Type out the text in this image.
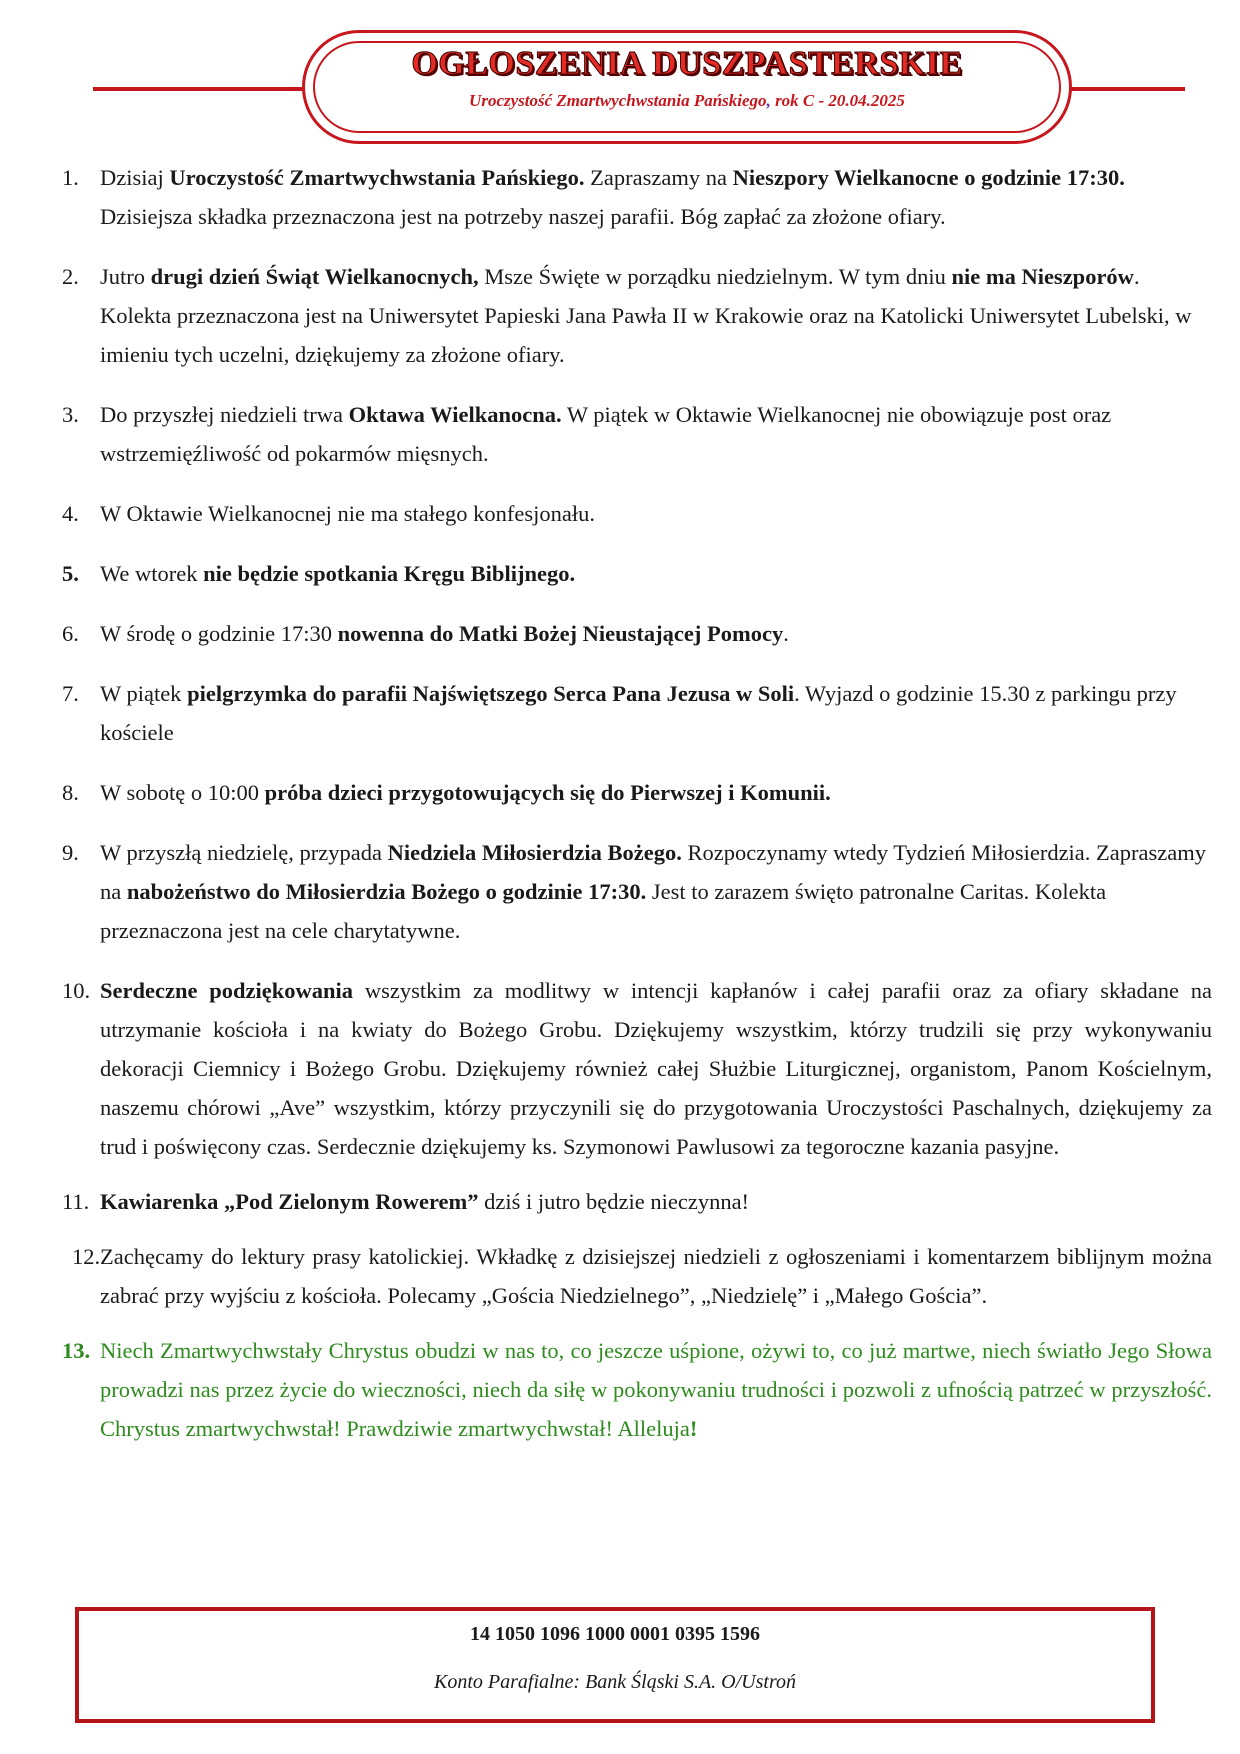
OGŁOSZENIA DUSZPASTERSKIE
Uroczystość Zmartwychwstania Pańskiego, rok C - 20.04.2025
1. Dzisiaj Uroczystość Zmartwychwstania Pańskiego. Zapraszamy na Nieszpory Wielkanocne o godzinie 17:30. Dzisiejsza składka przeznaczona jest na potrzeby naszej parafii. Bóg zapłać za złożone ofiary.
2. Jutro drugi dzień Świąt Wielkanocnych, Msze Święte w porządku niedzielnym. W tym dniu nie ma Nieszporów. Kolekta przeznaczona jest na Uniwersytet Papieski Jana Pawła II w Krakowie oraz na Katolicki Uniwersytet Lubelski, w imieniu tych uczelni, dziękujemy za złożone ofiary.
3. Do przyszłej niedzieli trwa Oktawa Wielkanocna. W piątek w Oktawie Wielkanocnej nie obowiązuje post oraz wstrzemięźliwość od pokarmów mięsnych.
4. W Oktawie Wielkanocnej nie ma stałego konfesjonału.
5. We wtorek nie będzie spotkania Kręgu Biblijnego.
6. W środę o godzinie 17:30 nowenna do Matki Bożej Nieustającej Pomocy.
7. W piątek pielgrzymka do parafii Najświętszego Serca Pana Jezusa w Soli. Wyjazd o godzinie 15.30 z parkingu przy kościele
8. W sobotę o 10:00 próba dzieci przygotowujących się do Pierwszej i Komunii.
9. W przyszłą niedzielę, przypada Niedziela Miłosierdzia Bożego. Rozpoczynamy wtedy Tydzień Miłosierdzia. Zapraszamy na nabożeństwo do Miłosierdzia Bożego o godzinie 17:30. Jest to zarazem święto patronalne Caritas. Kolekta przeznaczona jest na cele charytatywne.
10. Serdeczne podziękowania wszystkim za modlitwy w intencji kapłanów i całej parafii oraz za ofiary składane na utrzymanie kościoła i na kwiaty do Bożego Grobu. Dziękujemy wszystkim, którzy trudzili się przy wykonywaniu dekoracji Ciemnicy i Bożego Grobu. Dziękujemy również całej Służbie Liturgicznej, organistom, Panom Kościelnym, naszemu chórowi „Ave” wszystkim, którzy przyczynili się do przygotowania Uroczystości Paschalnych, dziękujemy za trud i poświęcony czas. Serdecznie dziękujemy ks. Szymonowi Pawlusowi za tegoroczne kazania pasyjne.
11. Kawiarenka „Pod Zielonym Rowerem” dziś i jutro będzie nieczynna!
12. Zachęcamy do lektury prasy katolickiej. Wkładkę z dzisiejszej niedzieli z ogłoszeniami i komentarzem biblijnym można zabrać przy wyjściu z kościoła. Polecamy „Gościa Niedzielnego”, „Niedzielę” i „Małego Gościa”.
13. Niech Zmartwychwstały Chrystus obudzi w nas to, co jeszcze uśpione, ożywi to, co już martwe, niech światło Jego Słowa prowadzi nas przez życie do wieczności, niech da siłę w pokonywaniu trudności i pozwoli z ufnością patrzeć w przyszłość. Chrystus zmartwychwstał! Prawdziwie zmartwychwstał! Alleluja!
14 1050 1096 1000 0001 0395 1596
Konto Parafialne: Bank Śląski S.A. O/Ustroń
